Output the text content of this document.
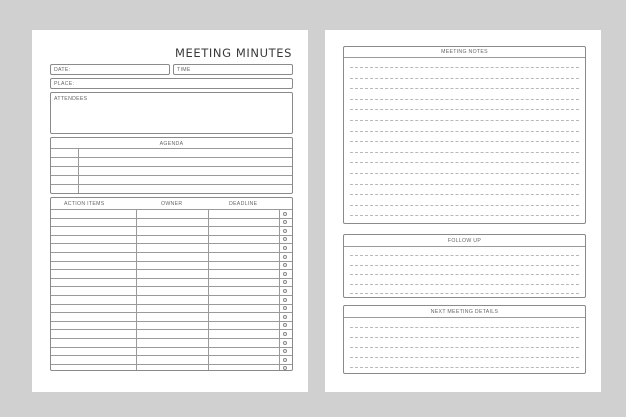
MEETING MINUTES
DATE:	TIME
PLACE:
ATTENDEES
AGENDA
ACTION ITEMS	OWNER	DEADLINE
MEETING NOTES
FOLLOW UP
NEXT MEETING DETAILS
